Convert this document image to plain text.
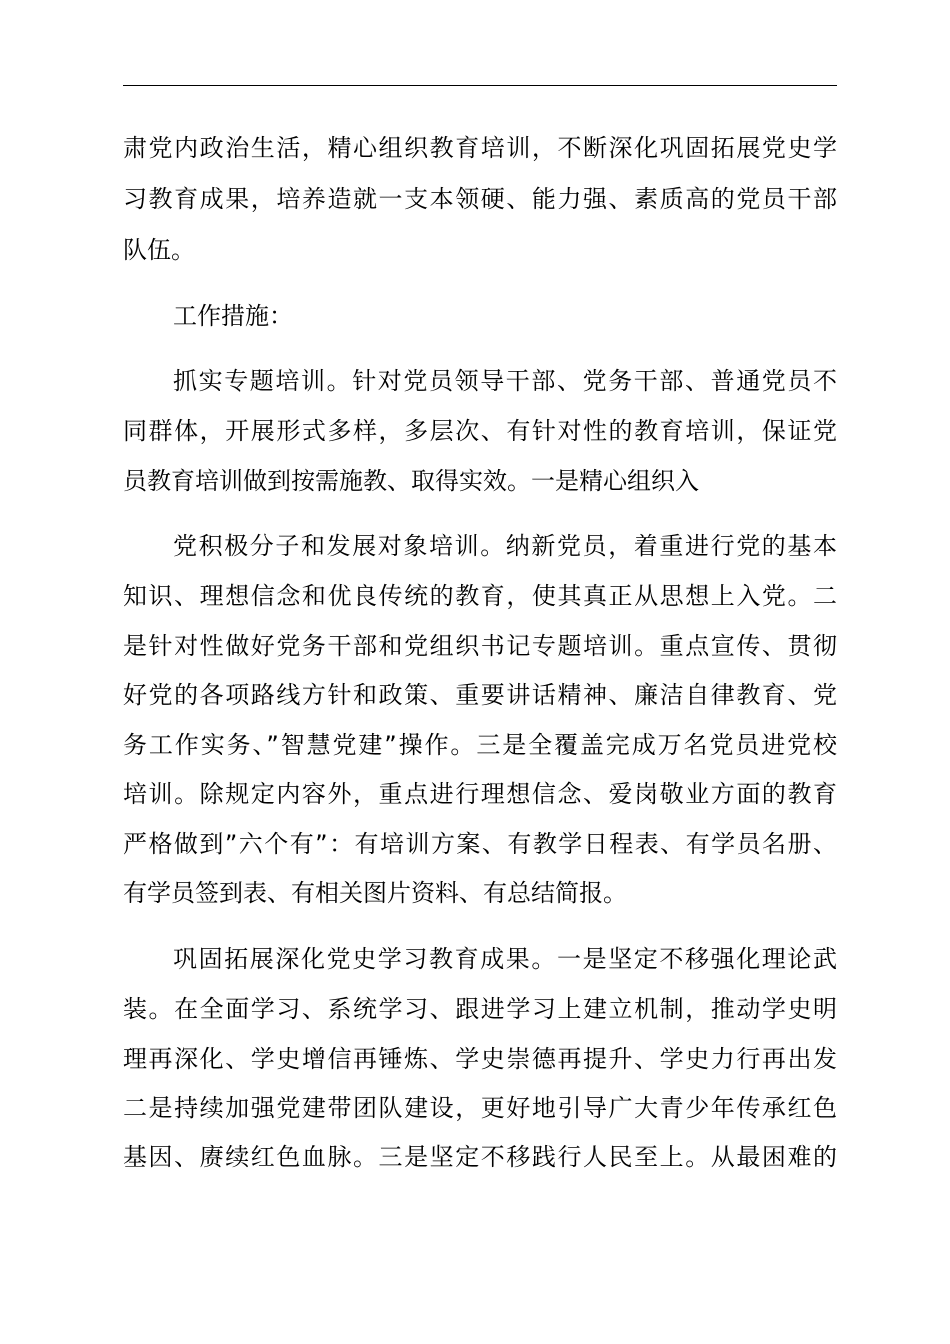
肃党内政治生活，精心组织教育培训，不断深化巩固拓展党史学
习教育成果，培养造就一支本领硬、能力强、素质高的党员干部
队伍。
工作措施：
抓实专题培训。针对党员领导干部、党务干部、普通党员不
同群体，开展形式多样，多层次、有针对性的教育培训，保证党
员教育培训做到按需施教、取得实效。一是精心组织入
党积极分子和发展对象培训。纳新党员，着重进行党的基本
知识、理想信念和优良传统的教育，使其真正从思想上入党。二
是针对性做好党务干部和党组织书记专题培训。重点宣传、贯彻
好党的各项路线方针和政策、重要讲话精神、廉洁自律教育、党
务工作实务、”智慧党建”操作。三是全覆盖完成万名党员进党校
培训。除规定内容外，重点进行理想信念、爱岗敬业方面的教育
严格做到”六个有”：有培训方案、有教学日程表、有学员名册、
有学员签到表、有相关图片资料、有总结简报。
巩固拓展深化党史学习教育成果。一是坚定不移强化理论武
装。在全面学习、系统学习、跟进学习上建立机制，推动学史明
理再深化、学史增信再锤炼、学史崇德再提升、学史力行再出发
二是持续加强党建带团队建设，更好地引导广大青少年传承红色
基因、赓续红色血脉。三是坚定不移践行人民至上。从最困难的
